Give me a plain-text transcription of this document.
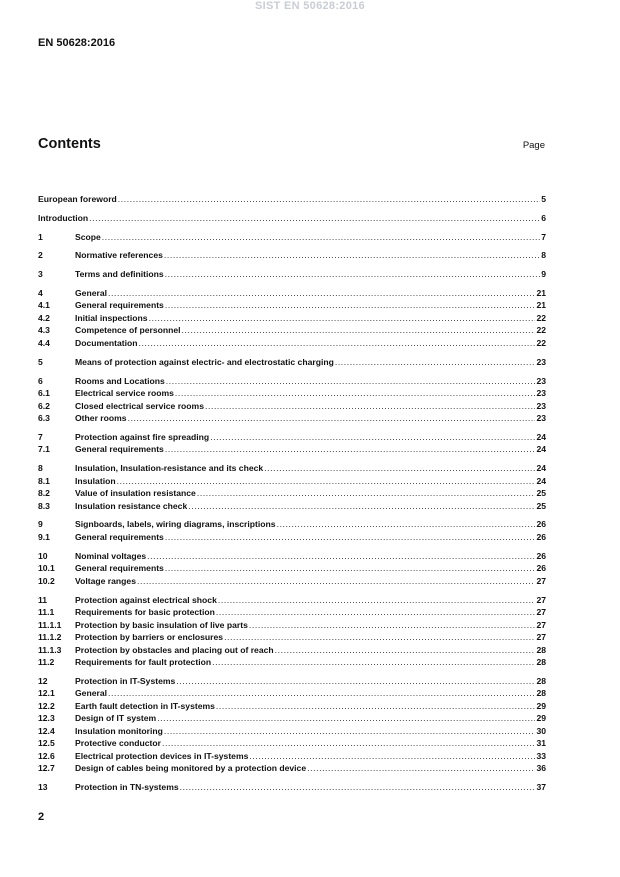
SIST EN 50628:2016
EN 50628:2016
Contents	Page
European foreword .....	5
Introduction .....	6
1	Scope .....	7
2	Normative references .....	8
3	Terms and definitions .....	9
4	General .....	21
4.1	General requirements .....	21
4.2	Initial inspections .....	22
4.3	Competence of personnel .....	22
4.4	Documentation .....	22
5	Means of protection against electric- and electrostatic charging .....	23
6	Rooms and Locations .....	23
6.1	Electrical service rooms .....	23
6.2	Closed electrical service rooms .....	23
6.3	Other rooms .....	23
7	Protection against fire spreading .....	24
7.1	General requirements .....	24
8	Insulation, Insulation-resistance and its check .....	24
8.1	Insulation .....	24
8.2	Value of insulation resistance .....	25
8.3	Insulation resistance check .....	25
9	Signboards, labels, wiring diagrams, inscriptions .....	26
9.1	General requirements .....	26
10	Nominal voltages .....	26
10.1	General requirements .....	26
10.2	Voltage ranges .....	27
11	Protection against electrical shock .....	27
11.1	Requirements for basic protection .....	27
11.1.1	Protection by basic insulation of live parts .....	27
11.1.2	Protection by barriers or enclosures .....	27
11.1.3	Protection by obstacles and placing out of reach .....	28
11.2	Requirements for fault protection .....	28
12	Protection in IT-Systems .....	28
12.1	General .....	28
12.2	Earth fault detection in IT-systems .....	29
12.3	Design of IT system .....	29
12.4	Insulation monitoring .....	30
12.5	Protective conductor .....	31
12.6	Electrical protection devices in IT-systems .....	33
12.7	Design of cables being monitored by a protection device .....	36
13	Protection in TN-systems .....	37
2
